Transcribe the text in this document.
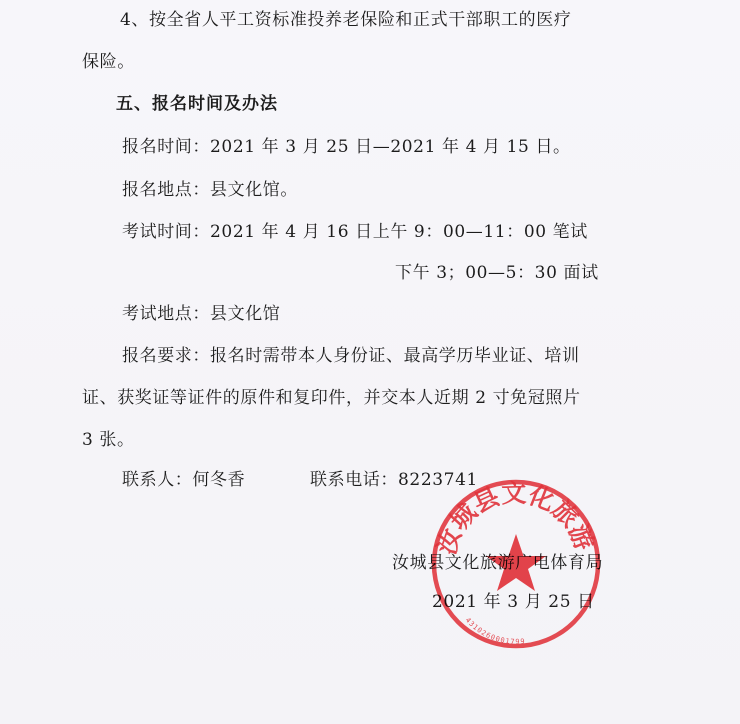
4、按全省人平工资标准投养老保险和正式干部职工的医疗
保险。
五、报名时间及办法
报名时间：2021 年 3 月 25 日—2021 年 4 月 15 日。
报名地点：县文化馆。
考试时间：2021 年 4 月 16 日上午 9：00—11：00 笔试
下午 3；00—5：30 面试
考试地点：县文化馆
报名要求：报名时需带本人身份证、最高学历毕业证、培训
证、获奖证等证件的原件和复印件，并交本人近期 2 寸免冠照片
3 张。
联系人：何冬香	联系电话：8223741
汝城县文化旅游
4310260001799
汝城县文化旅游广电体育局
2021 年 3 月 25 日
